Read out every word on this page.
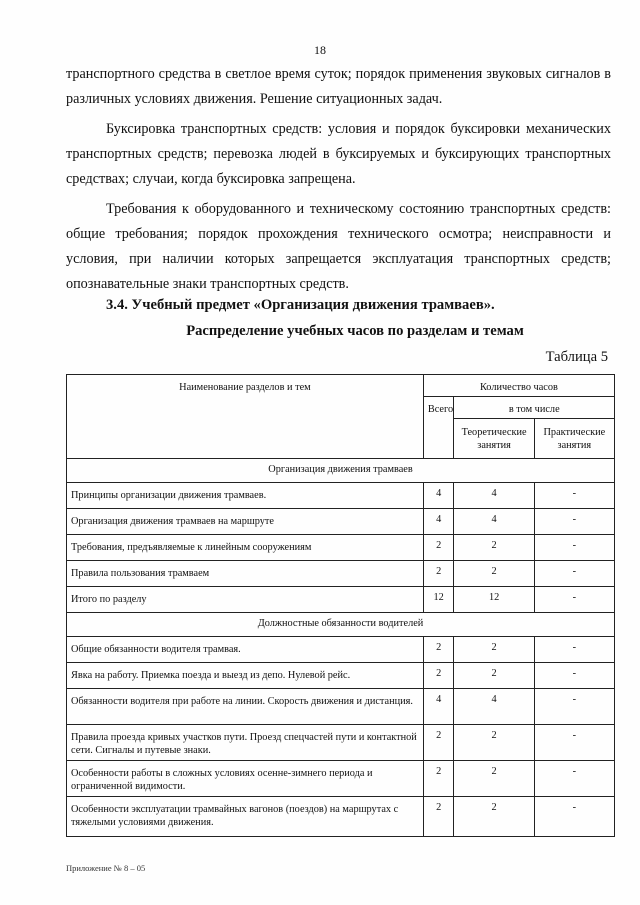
18

транспортного средства в светлое время суток; порядок применения звуковых сигналов в различных условиях движения. Решение ситуационных задач.

Буксировка транспортных средств: условия и порядок буксировки механических транспортных средств; перевозка людей в буксируемых и буксирующих транспортных средствах; случаи, когда буксировка запрещена.

Требования к оборудованного и техническому состоянию транспортных средств: общие требования; порядок прохождения технического осмотра; неисправности и условия, при наличии которых запрещается эксплуатация транспортных средств; опознавательные знаки транспортных средств.

3.4. Учебный предмет «Организация движения трамваев».
Распределение учебных часов по разделам и темам
Таблица 5
Наименование разделов и тем	Количество часов		
	Всего	в том числе	
		Теоретические занятия	Практические занятия
Организация движения трамваев			
Принципы организации движения трамваев.	4	4	-
Организация движения трамваев на маршруте	4	4	-
Требования, предъявляемые к линейным сооружениям	2	2	-
Правила пользования трамваем	2	2	-
Итого по разделу	12	12	-
Должностные обязанности водителей			
Общие обязанности водителя трамвая.	2	2	-
Явка на работу. Приемка поезда и выезд из депо. Нулевой рейс.	2	2	-
Обязанности водителя при работе на линии. Скорость движения и дистанция.	4	4	-
Правила проезда кривых участков пути. Проезд спецчастей пути и контактной сети. Сигналы и путевые знаки.	2	2	-
Особенности работы в сложных условиях осенне-зимнего периода и ограниченной видимости.	2	2	-
Особенности эксплуатации трамвайных вагонов (поездов) на маршрутах с тяжелыми условиями движения.	2	2	-
Приложение № 8 – 05
